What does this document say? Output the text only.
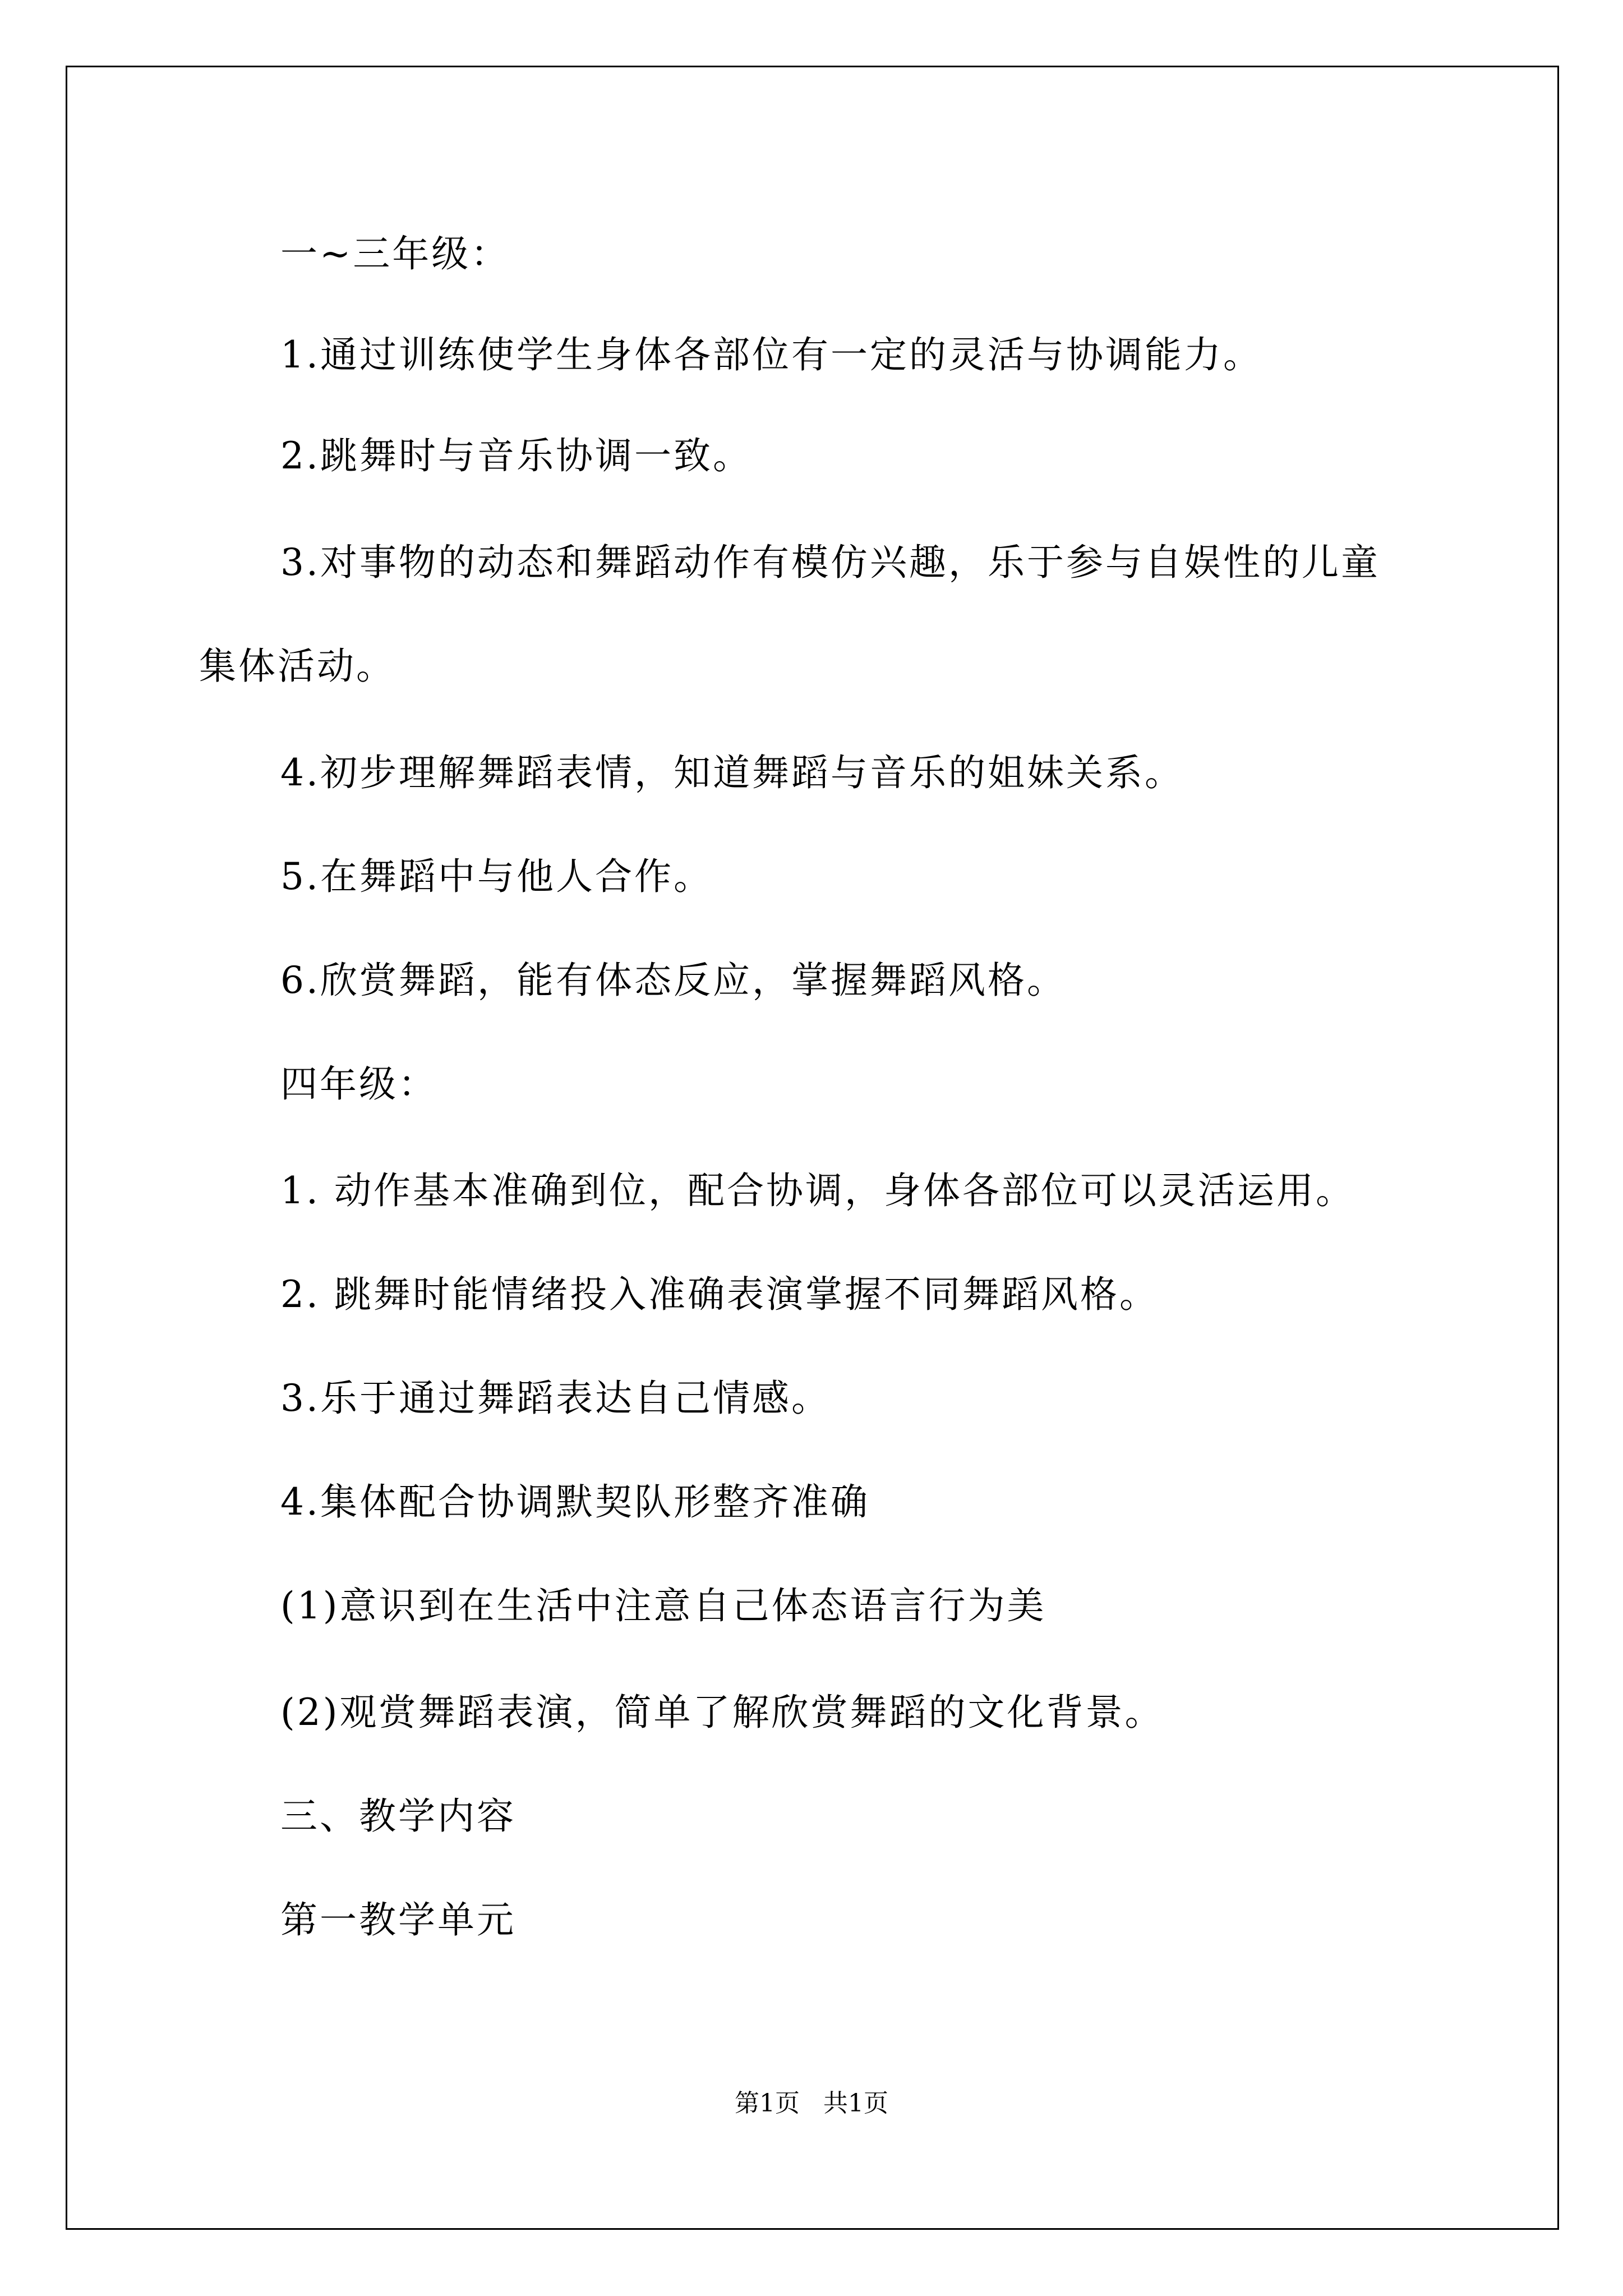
一~三年级：
1.通过训练使学生身体各部位有一定的灵活与协调能力。
2.跳舞时与音乐协调一致。
3.对事物的动态和舞蹈动作有模仿兴趣，乐于参与自娱性的儿童
集体活动。
4.初步理解舞蹈表情，知道舞蹈与音乐的姐妹关系。
5.在舞蹈中与他人合作。
6.欣赏舞蹈，能有体态反应，掌握舞蹈风格。
四年级：
1. 动作基本准确到位，配合协调，身体各部位可以灵活运用。
2. 跳舞时能情绪投入准确表演掌握不同舞蹈风格。
3.乐于通过舞蹈表达自己情感。
4.集体配合协调默契队形整齐准确
(1)意识到在生活中注意自己体态语言行为美
(2)观赏舞蹈表演，简单了解欣赏舞蹈的文化背景。
三、教学内容
第一教学单元
第1页   共1页
